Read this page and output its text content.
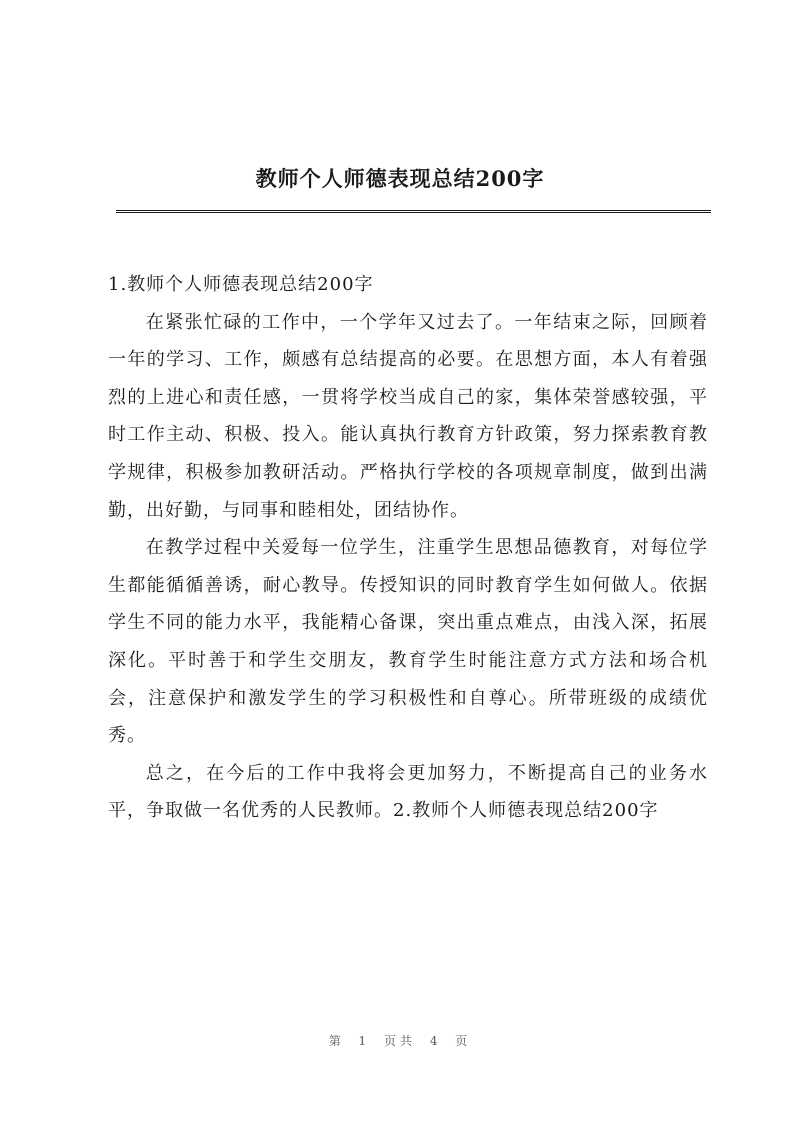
教师个人师德表现总结200字
1.教师个人师德表现总结200字

在紧张忙碌的工作中，一个学年又过去了。一年结束之际，回顾着一年的学习、工作，颇感有总结提高的必要。在思想方面，本人有着强烈的上进心和责任感，一贯将学校当成自己的家，集体荣誉感较强，平时工作主动、积极、投入。能认真执行教育方针政策，努力探索教育教学规律，积极参加教研活动。严格执行学校的各项规章制度，做到出满勤，出好勤，与同事和睦相处，团结协作。

在教学过程中关爱每一位学生，注重学生思想品德教育，对每位学生都能循循善诱，耐心教导。传授知识的同时教育学生如何做人。依据学生不同的能力水平，我能精心备课，突出重点难点，由浅入深，拓展深化。平时善于和学生交朋友，教育学生时能注意方式方法和场合机会，注意保护和激发学生的学习积极性和自尊心。所带班级的成绩优秀。

总之，在今后的工作中我将会更加努力，不断提高自己的业务水平，争取做一名优秀的人民教师。2.教师个人师德表现总结200字

第 1 页共 4 页
